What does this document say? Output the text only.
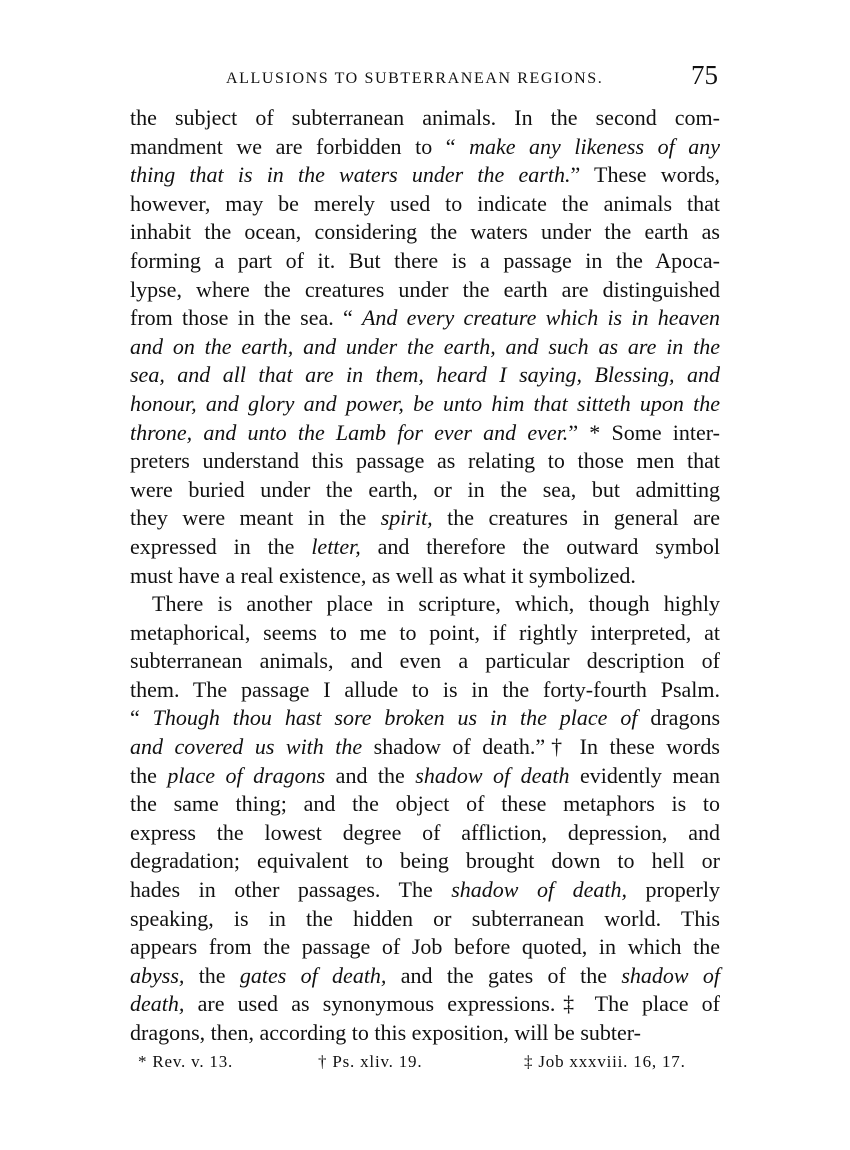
ALLUSIONS TO SUBTERRANEAN REGIONS.	75

the subject of subterranean animals. In the second com-
mandment we are forbidden to “ make any likeness of any
thing that is in the waters under the earth.” These words,
however, may be merely used to indicate the animals that
inhabit the ocean, considering the waters under the earth as
forming a part of it. But there is a passage in the Apoca-
lypse, where the creatures under the earth are distinguished
from those in the sea. “ And every creature which is in heaven
and on the earth, and under the earth, and such as are in the
sea, and all that are in them, heard I saying, Blessing, and
honour, and glory and power, be unto him that sitteth upon the
throne, and unto the Lamb for ever and ever.” * Some inter-
preters understand this passage as relating to those men that
were buried under the earth, or in the sea, but admitting
they were meant in the spirit, the creatures in general are
expressed in the letter, and therefore the outward symbol
must have a real existence, as well as what it symbolized.

There is another place in scripture, which, though highly
metaphorical, seems to me to point, if rightly interpreted, at
subterranean animals, and even a particular description of
them. The passage I allude to is in the forty-fourth Psalm.
“ Though thou hast sore broken us in the place of dragons
and covered us with the shadow of death.”† In these words
the place of dragons and the shadow of death evidently mean
the same thing; and the object of these metaphors is to
express the lowest degree of affliction, depression, and
degradation; equivalent to being brought down to hell or
hades in other passages. The shadow of death, properly
speaking, is in the hidden or subterranean world. This
appears from the passage of Job before quoted, in which the
abyss, the gates of death, and the gates of the shadow of
death, are used as synonymous expressions.‡ The place of
dragons, then, according to this exposition, will be subter-

* Rev. v. 13.	† Ps. xliv. 19.	‡ Job xxxviii. 16, 17.
